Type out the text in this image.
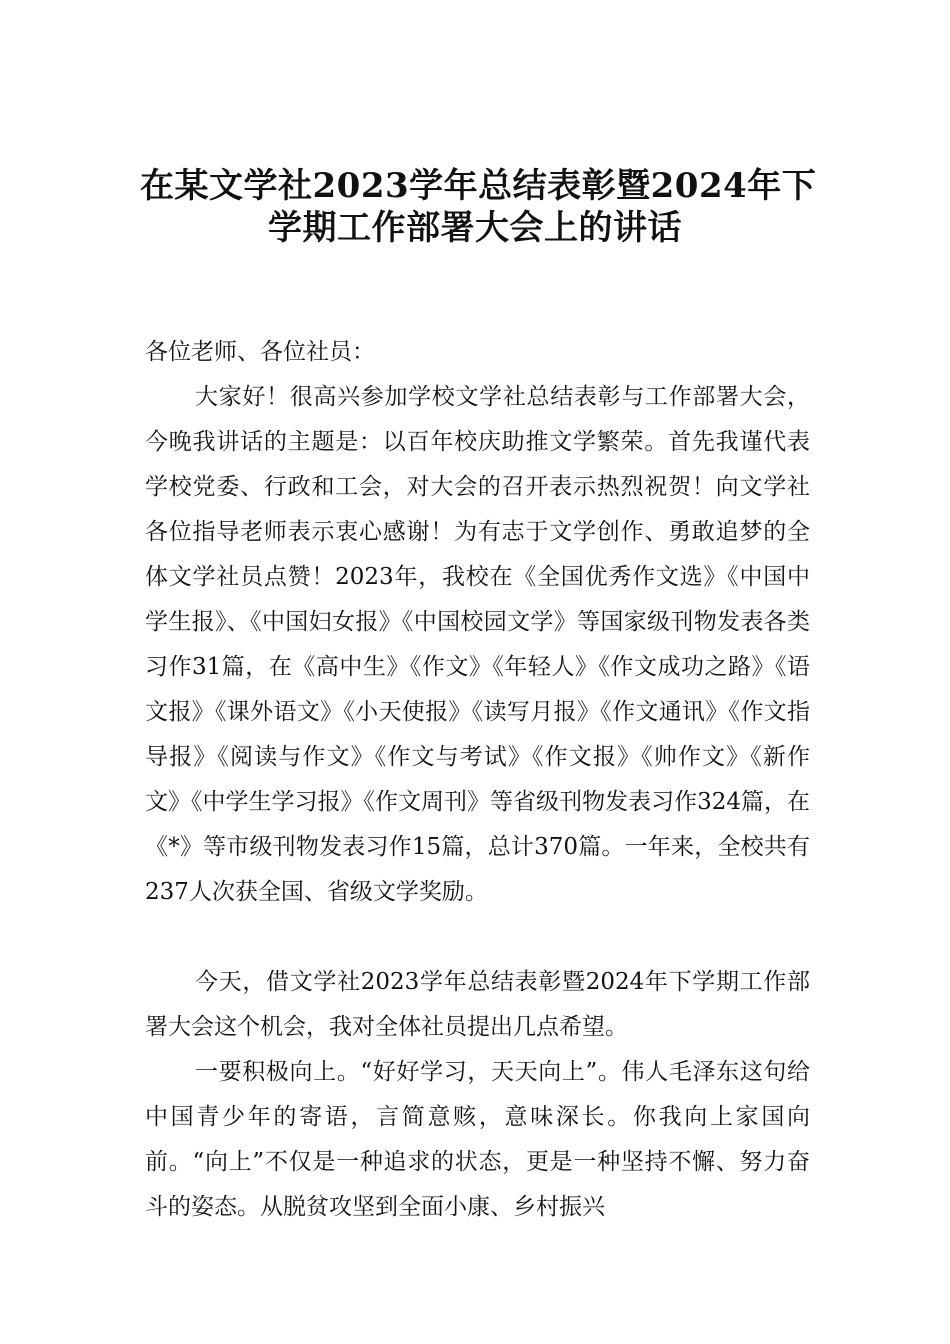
在某文学社2023学年总结表彰暨2024年下
学期工作部署大会上的讲话
各位老师、各位社员：

大家好！很高兴参加学校文学社总结表彰与工作部署大会，今晚我讲话的主题是：以百年校庆助推文学繁荣。首先我谨代表学校党委、行政和工会，对大会的召开表示热烈祝贺！向文学社各位指导老师表示衷心感谢！为有志于文学创作、勇敢追梦的全体文学社员点赞！2023年，我校在《全国优秀作文选》《中国中学生报》、《中国妇女报》《中国校园文学》等国家级刊物发表各类习作31篇，在《高中生》《作文》《年轻人》《作文成功之路》《语文报》《课外语文》《小天使报》《读写月报》《作文通讯》《作文指导报》《阅读与作文》《作文与考试》《作文报》《帅作文》《新作文》《中学生学习报》《作文周刊》等省级刊物发表习作324篇，在《*》等市级刊物发表习作15篇，总计370篇。一年来，全校共有237人次获全国、省级文学奖励。

今天，借文学社2023学年总结表彰暨2024年下学期工作部署大会这个机会，我对全体社员提出几点希望。

一要积极向上。“好好学习，天天向上”。伟人毛泽东这句给中国青少年的寄语，言简意赅，意味深长。你我向上家国向前。“向上”不仅是一种追求的状态，更是一种坚持不懈、努力奋斗的姿态。从脱贫攻坚到全面小康、乡村振兴
